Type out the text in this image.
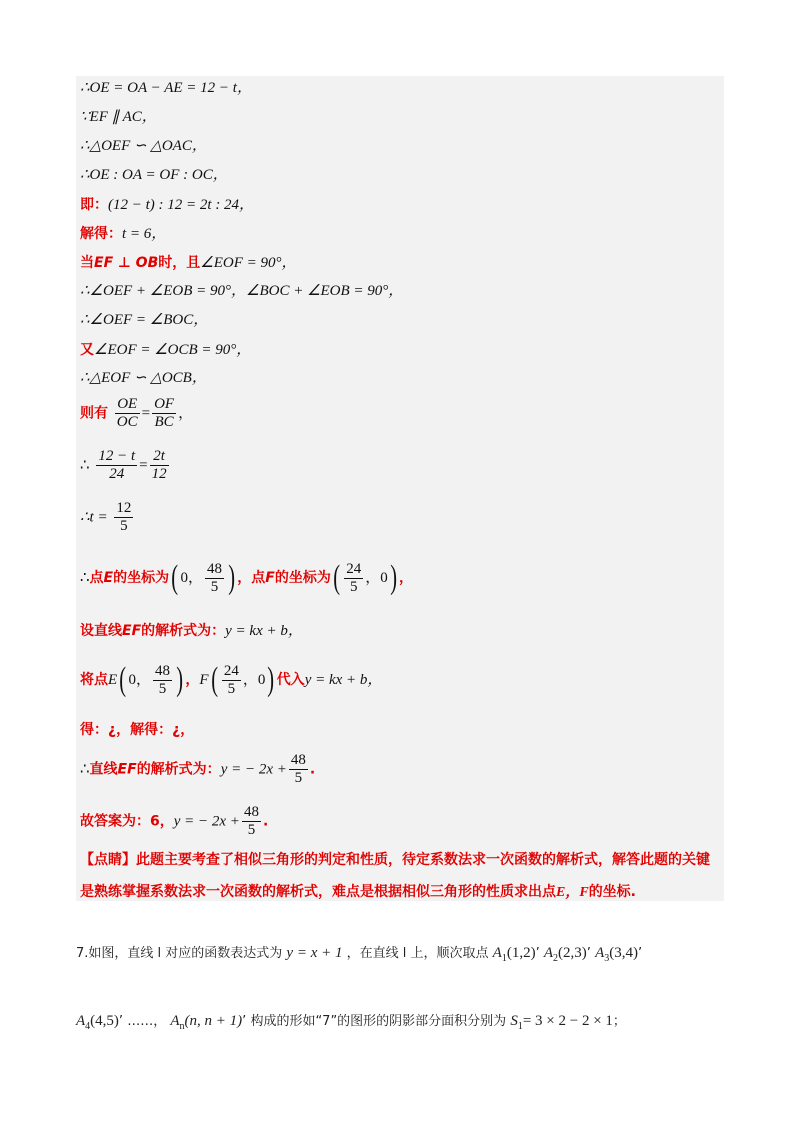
∴OE = OA − AE = 12 − t，
∵EF ∥ AC，
∴△OEF ∽ △OAC，
∴OE : OA = OF : OC，
即：(12 − t) : 12 = 2t : 24，
解得：t = 6，
当EF ⊥ OB时，且∠EOF = 90°，
∴∠OEF + ∠EOB = 90°，∠BOC + ∠EOB = 90°，
∴∠OEF = ∠BOC，
又∠EOF = ∠OCB = 90°，
∴△EOF ∽ △OCB，
则有 $\frac{OE}{OC} = \frac{OF}{BC}$ ，
∴ $\frac{12 - t}{24} = \frac{2t}{12}$
∴t = $\frac{12}{5}$
∴点E的坐标为( 0， $\frac{48}{5}$ ) ，点F的坐标为( $\frac{24}{5}$ ，0) ，
设直线EF的解析式为：y = kx + b，
将点E( 0， $\frac{48}{5}$ ) ，$F( \frac{24}{5}$ ，0) 代入y = kx + b，
得：¿，解得：¿，
∴直线EF的解析式为：y = − $2x + \frac{48}{5}$ .
故答案为：6，y = − $2x + \frac{48}{5}$ .
【点睛】此题主要考查了相似三角形的判定和性质，待定系数法求一次函数的解析式，解答此题的关键
是熟练掌握系数法求一次函数的解析式，难点是根据相似三角形的性质求出点E，F的坐标.
7.如图，直线 l 对应的函数表达式为 y = x + 1 ，在直线 l 上，顺次取点 $A_1(1,2)$’ $A_2(2,3)$’ $A_3(3,4)$’
$A_4(4,5)$’ ……， $A_n(n$, n + 1)’ 构成的形如“7”的图形的阴影部分面积分别为 $S_1= 3 \times 2 - 2 \times 1$；
